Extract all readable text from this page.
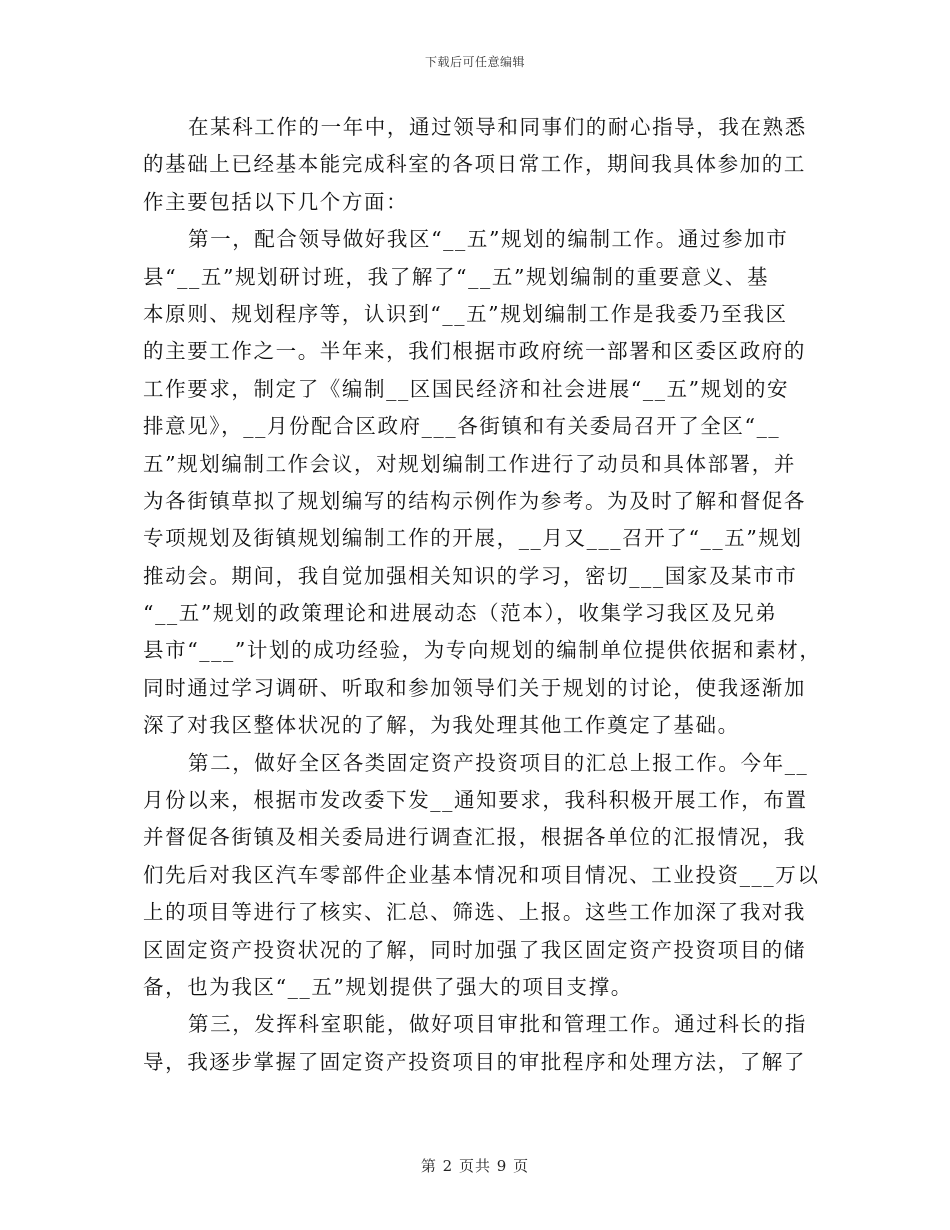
下载后可任意编辑
在某科工作的一年中，通过领导和同事们的耐心指导，我在熟悉
的基础上已经基本能完成科室的各项日常工作，期间我具体参加的工
作主要包括以下几个方面：
第一，配合领导做好我区“__五”规划的编制工作。通过参加市
县“__五”规划研讨班，我了解了“__五”规划编制的重要意义、基
本原则、规划程序等，认识到“__五”规划编制工作是我委乃至我区
的主要工作之一。半年来，我们根据市政府统一部署和区委区政府的
工作要求，制定了《编制__区国民经济和社会进展“__五”规划的安
排意见》，__月份配合区政府___各街镇和有关委局召开了全区“__
五”规划编制工作会议，对规划编制工作进行了动员和具体部署，并
为各街镇草拟了规划编写的结构示例作为参考。为及时了解和督促各
专项规划及街镇规划编制工作的开展，__月又___召开了“__五”规划
推动会。期间，我自觉加强相关知识的学习，密切___国家及某市市
“__五”规划的政策理论和进展动态（范本），收集学习我区及兄弟
县市“___”计划的成功经验，为专向规划的编制单位提供依据和素材，
同时通过学习调研、听取和参加领导们关于规划的讨论，使我逐渐加
深了对我区整体状况的了解，为我处理其他工作奠定了基础。
第二，做好全区各类固定资产投资项目的汇总上报工作。今年__
月份以来，根据市发改委下发__通知要求，我科积极开展工作，布置
并督促各街镇及相关委局进行调查汇报，根据各单位的汇报情况，我
们先后对我区汽车零部件企业基本情况和项目情况、工业投资___万以
上的项目等进行了核实、汇总、筛选、上报。这些工作加深了我对我
区固定资产投资状况的了解，同时加强了我区固定资产投资项目的储
备，也为我区“__五”规划提供了强大的项目支撑。
第三，发挥科室职能，做好项目审批和管理工作。通过科长的指
导，我逐步掌握了固定资产投资项目的审批程序和处理方法，了解了
第 2 页共 9 页
